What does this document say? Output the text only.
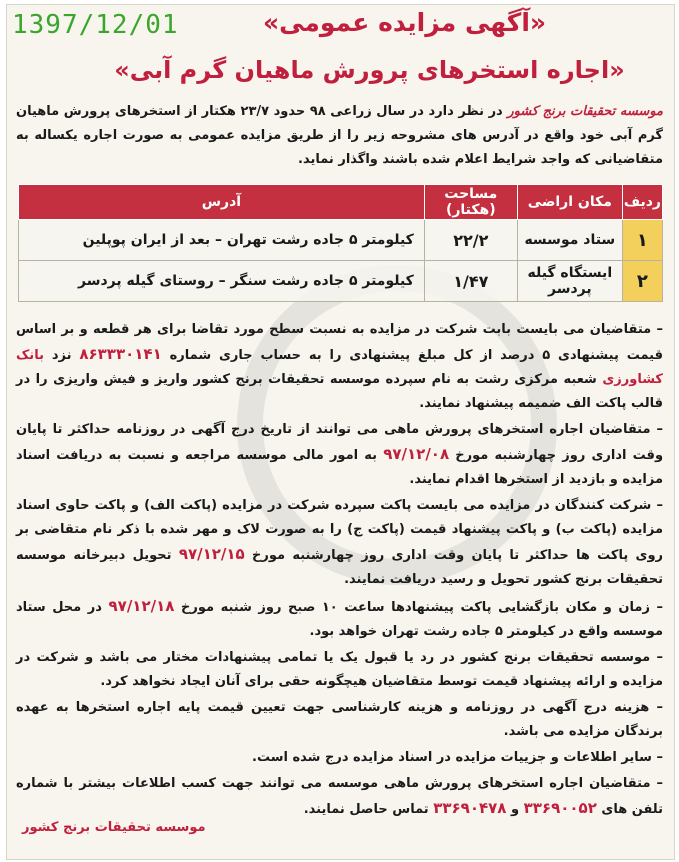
1397/12/01	«آگهی مزایده عمومی»
«اجاره استخرهای پرورش ماهیان گرم آبی»
موسسه تحقیقات برنج کشور در نظر دارد در سال زراعی ۹۸ حدود ۲۳/۷ هکتار از استخرهای پرورش ماهیان گرم آبی خود واقع در آدرس های مشروحه زیر را از طریق مزایده عمومی به صورت اجاره یکساله به متقاضیانی که واجد شرایط اعلام شده باشند واگذار نماید.
ردیف	مکان اراضی	مساحت (هکتار)	آدرس
۱	ستاد موسسه	۲۲/۲	کیلومتر ۵ جاده رشت تهران – بعد از ایران پوپلین
۲	ایستگاه گیله پردسر	۱/۴۷	کیلومتر ۵ جاده رشت سنگر – روستای گیله پردسر

– متقاضیان می بایست بابت شرکت در مزایده به نسبت سطح مورد تقاضا برای هر قطعه و بر اساس قیمت پیشنهادی ۵ درصد از کل مبلغ پیشنهادی را به حساب جاری شماره ۸۶۳۳۳۰۱۴۱ نزد بانک کشاورزی شعبه مرکزی رشت به نام سپرده موسسه تحقیقات برنج کشور واریز و فیش واریزی را در قالب پاکت الف ضمیمه پیشنهاد نمایند.

– متقاضیان اجاره استخرهای پرورش ماهی می توانند از تاریخ درج آگهی در روزنامه حداکثر تا پایان وقت اداری روز چهارشنبه مورخ ۹۷/۱۲/۰۸ به امور مالی موسسه مراجعه و نسبت به دریافت اسناد مزایده و بازدید از استخرها اقدام نمایند.

– شرکت کنندگان در مزایده می بایست پاکت سپرده شرکت در مزایده (پاکت الف) و پاکت حاوی اسناد مزایده (پاکت ب) و پاکت پیشنهاد قیمت (پاکت ج) را به صورت لاک و مهر شده با ذکر نام متقاضی بر روی پاکت ها حداکثر تا پایان وقت اداری روز چهارشنبه مورخ ۹۷/۱۲/۱۵ تحویل دبیرخانه موسسه تحقیقات برنج کشور تحویل و رسید دریافت نمایند.

– زمان و مکان بازگشایی پاکت پیشنهادها ساعت ۱۰ صبح روز شنبه مورخ ۹۷/۱۲/۱۸ در محل ستاد موسسه واقع در کیلومتر ۵ جاده رشت تهران خواهد بود.

– موسسه تحقیقات برنج کشور در رد یا قبول یک یا تمامی پیشنهادات مختار می باشد و شرکت در مزایده و ارائه پیشنهاد قیمت توسط متقاضیان هیچگونه حقی برای آنان ایجاد نخواهد کرد.

– هزینه درج آگهی در روزنامه و هزینه کارشناسی جهت تعیین قیمت پایه اجاره استخرها به عهده برندگان مزایده می باشد.

– سایر اطلاعات و جزییات مزایده در اسناد مزایده درج شده است.

– متقاضیان اجاره استخرهای پرورش ماهی موسسه می توانند جهت کسب اطلاعات بیشتر با شماره تلفن های ۳۳۶۹۰۰۵۲ و ۳۳۶۹۰۴۷۸ تماس حاصل نمایند.

موسسه تحقیقات برنج کشور
